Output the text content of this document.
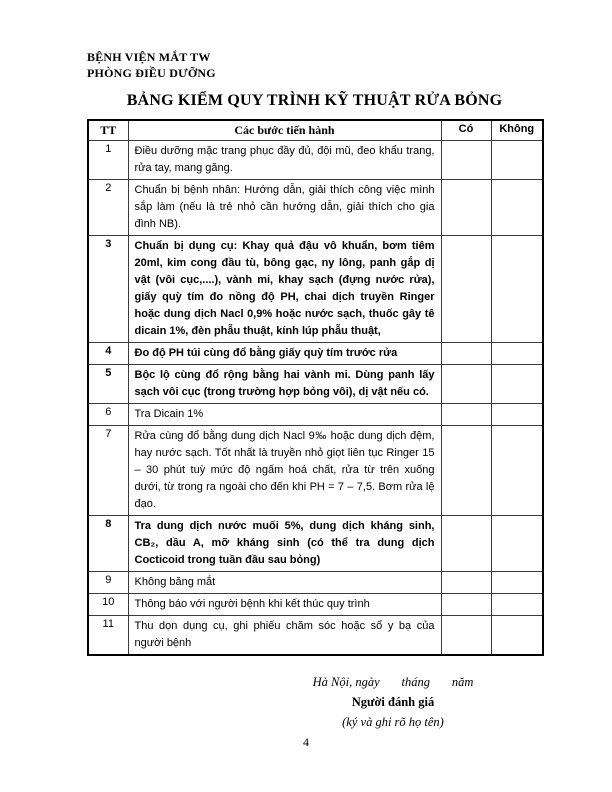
BỆNH VIỆN MẮT TW
PHÒNG ĐIỀU DƯỠNG
BẢNG KIỂM QUY TRÌNH KỸ THUẬT RỬA BỎNG
TT	Các bước tiến hành	Có	Không
1	Điều dưỡng mặc trang phục đầy đủ, đội mũ, đeo khẩu trang, rửa tay, mang găng.		
2	Chuẩn bị bệnh nhân: Hướng dẫn, giải thích công việc mình sắp làm (nếu là trẻ nhỏ cần hướng dẫn, giải thích cho gia đình NB).		
3	Chuẩn bị dụng cụ: Khay quả đậu vô khuẩn, bơm tiêm 20ml, kim cong đầu tù, bông gạc, ny lông, panh gắp dị vật (vôi cục,....), vành mi, khay sạch (đựng nước rửa), giấy quỳ tím đo nồng độ PH, chai dịch truyền Ringer hoặc dung dịch Nacl 0,9% hoặc nước sạch, thuốc gây tê dicain 1%, đèn phẫu thuật, kính lúp phẫu thuật,		
4	Đo độ PH túi cùng đổ bằng giấy quỳ tím trước rửa		
5	Bộc lộ cùng đổ rộng bằng hai vành mi. Dùng panh lấy sạch vôi cục (trong trường hợp bỏng vôi), dị vật nếu có.		
6	Tra Dicain 1%		
7	Rửa cùng đổ bằng dung dịch Nacl 9‰ hoặc dung dịch đệm, hay nước sạch. Tốt nhất là truyền nhỏ giọt liên tục Ringer 15 – 30 phút tuỳ mức độ ngấm hoá chất, rửa từ trên xuống dưới, từ trong ra ngoài cho đến khi PH = 7 – 7,5. Bơm rửa lệ đạo.		
8	Tra dung dịch nước muối 5%, dung dịch kháng sinh, CB₂, dầu A, mỡ kháng sinh (có thể tra dung dịch Cocticoid trong tuần đầu sau bỏng)		
9	Không băng mắt		
10	Thông báo với người bệnh khi kết thúc quy trình		
11	Thu dọn dụng cụ, ghi phiếu chăm sóc hoặc sổ y bạ của người bệnh		
Hà Nội, ngày       tháng       năm
Người đánh giá
(ký và ghi rõ họ tên)
4
